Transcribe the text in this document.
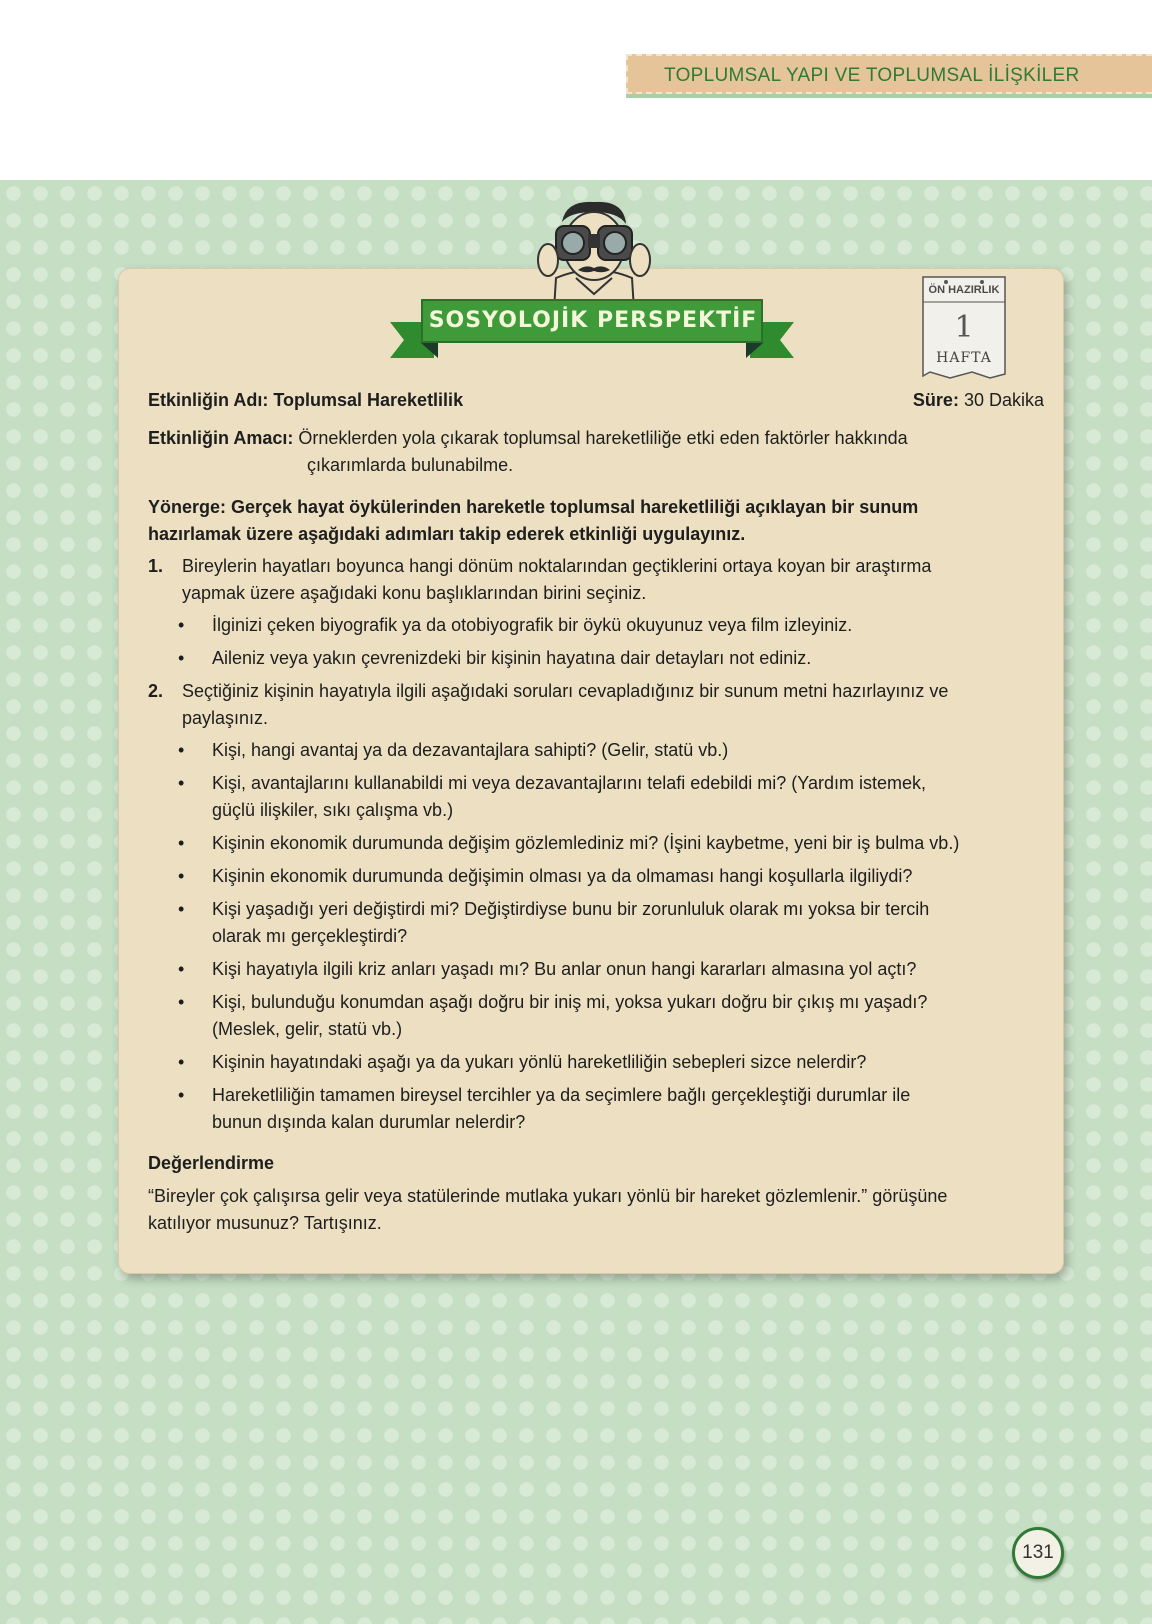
TOPLUMSAL YAPI VE TOPLUMSAL İLİŞKİLER
SOSYOLOJİK PERSPEKTİF
ÖN HAZIRLIK
1
HAFTA
Etkinliğin Adı: Toplumsal Hareketlilik	Süre: 30 Dakika
Etkinliğin Amacı: Örneklerden yola çıkarak toplumsal hareketliliğe etki eden faktörler hakkında
çıkarımlarda bulunabilme.
Yönerge: Gerçek hayat öykülerinden hareketle toplumsal hareketliliği açıklayan bir sunum
hazırlamak üzere aşağıdaki adımları takip ederek etkinliği uygulayınız.
1. Bireylerin hayatları boyunca hangi dönüm noktalarından geçtiklerini ortaya koyan bir araştırma
yapmak üzere aşağıdaki konu başlıklarından birini seçiniz.
• İlginizi çeken biyografik ya da otobiyografik bir öykü okuyunuz veya film izleyiniz.
• Aileniz veya yakın çevrenizdeki bir kişinin hayatına dair detayları not ediniz.
2. Seçtiğiniz kişinin hayatıyla ilgili aşağıdaki soruları cevapladığınız bir sunum metni hazırlayınız ve
paylaşınız.
• Kişi, hangi avantaj ya da dezavantajlara sahipti? (Gelir, statü vb.)
• Kişi, avantajlarını kullanabildi mi veya dezavantajlarını telafi edebildi mi? (Yardım istemek,
güçlü ilişkiler, sıkı çalışma vb.)
• Kişinin ekonomik durumunda değişim gözlemlediniz mi? (İşini kaybetme, yeni bir iş bulma vb.)
• Kişinin ekonomik durumunda değişimin olması ya da olmaması hangi koşullarla ilgiliydi?
• Kişi yaşadığı yeri değiştirdi mi? Değiştirdiyse bunu bir zorunluluk olarak mı yoksa bir tercih
olarak mı gerçekleştirdi?
• Kişi hayatıyla ilgili kriz anları yaşadı mı? Bu anlar onun hangi kararları almasına yol açtı?
• Kişi, bulunduğu konumdan aşağı doğru bir iniş mi, yoksa yukarı doğru bir çıkış mı yaşadı?
(Meslek, gelir, statü vb.)
• Kişinin hayatındaki aşağı ya da yukarı yönlü hareketliliğin sebepleri sizce nelerdir?
• Hareketliliğin tamamen bireysel tercihler ya da seçimlere bağlı gerçekleştiği durumlar ile
bunun dışında kalan durumlar nelerdir?
Değerlendirme
“Bireyler çok çalışırsa gelir veya statülerinde mutlaka yukarı yönlü bir hareket gözlemlenir.” görüşüne
katılıyor musunuz? Tartışınız.
131
